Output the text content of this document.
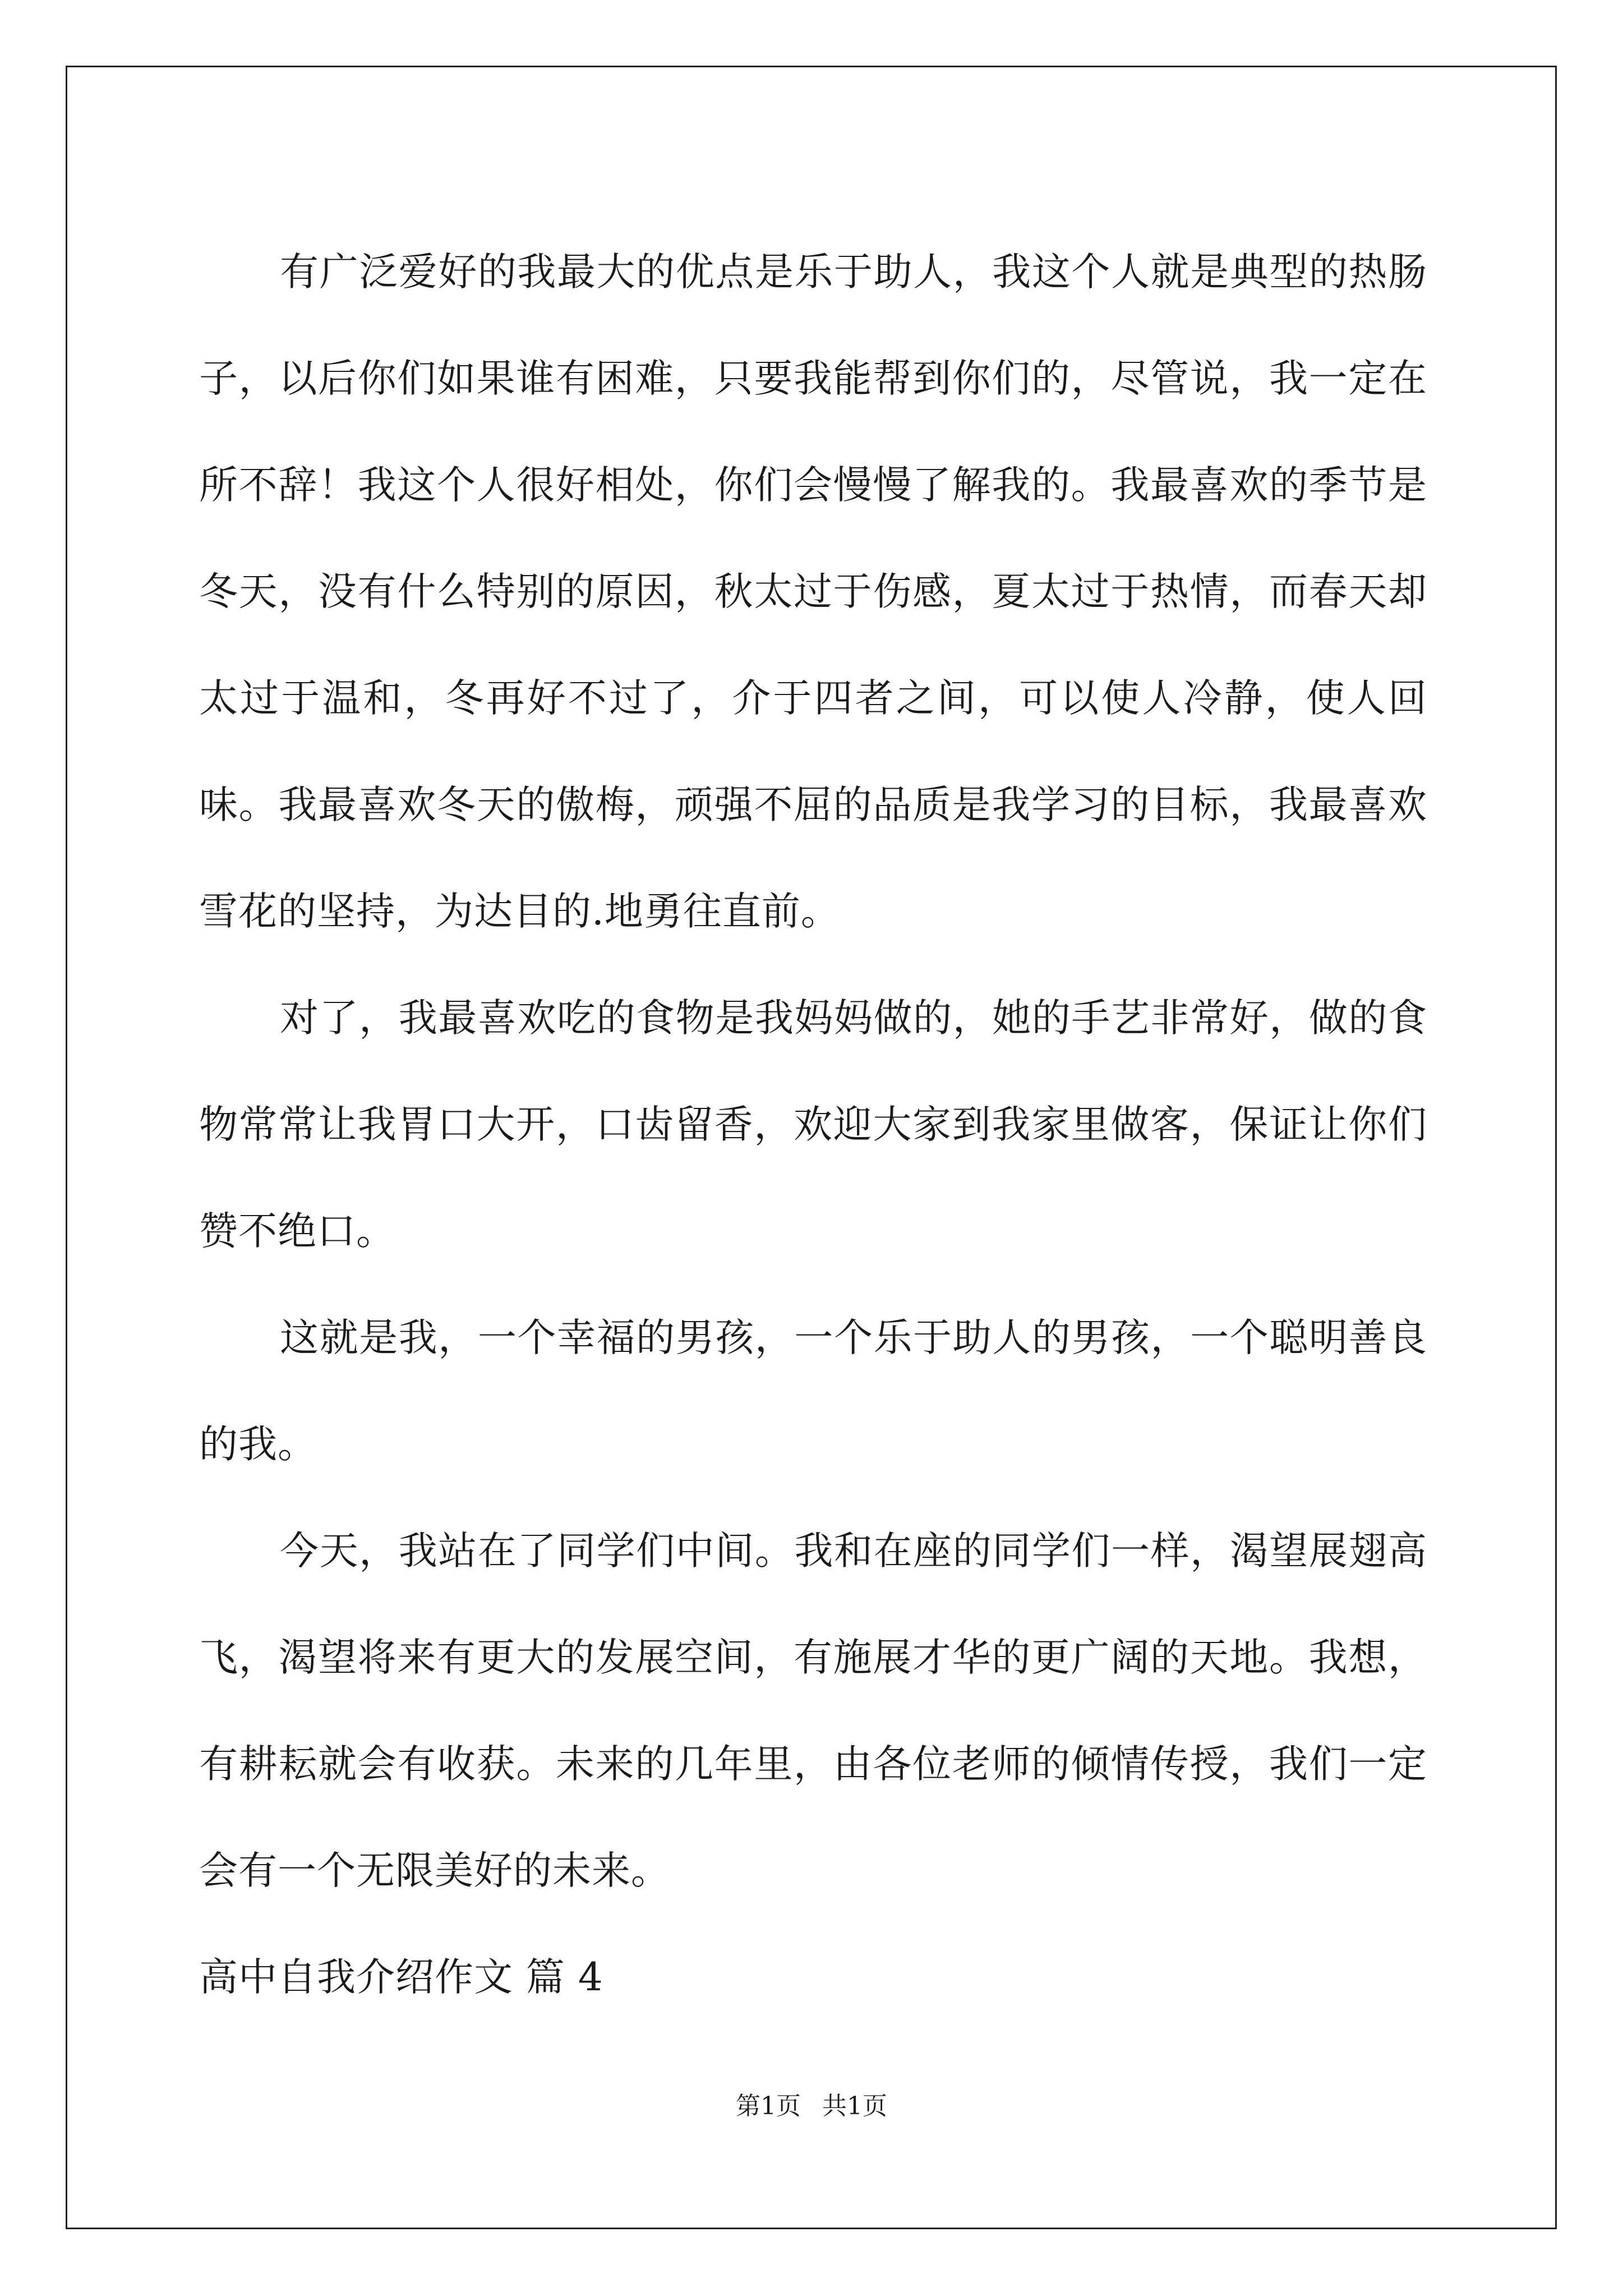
有广泛爱好的我最大的优点是乐于助人，我这个人就是典型的热肠子，以后你们如果谁有困难，只要我能帮到你们的，尽管说，我一定在所不辞！我这个人很好相处，你们会慢慢了解我的。我最喜欢的季节是冬天，没有什么特别的原因，秋太过于伤感，夏太过于热情，而春天却太过于温和，冬再好不过了，介于四者之间，可以使人冷静，使人回味。我最喜欢冬天的傲梅，顽强不屈的品质是我学习的目标，我最喜欢雪花的坚持，为达目的.地勇往直前。

对了，我最喜欢吃的食物是我妈妈做的，她的手艺非常好，做的食物常常让我胃口大开，口齿留香，欢迎大家到我家里做客，保证让你们赞不绝口。

这就是我，一个幸福的男孩，一个乐于助人的男孩，一个聪明善良的我。

今天，我站在了同学们中间。我和在座的同学们一样，渴望展翅高飞，渴望将来有更大的发展空间，有施展才华的更广阔的天地。我想，有耕耘就会有收获。未来的几年里，由各位老师的倾情传授，我们一定会有一个无限美好的未来。

高中自我介绍作文 篇 4

第1页 共1页
